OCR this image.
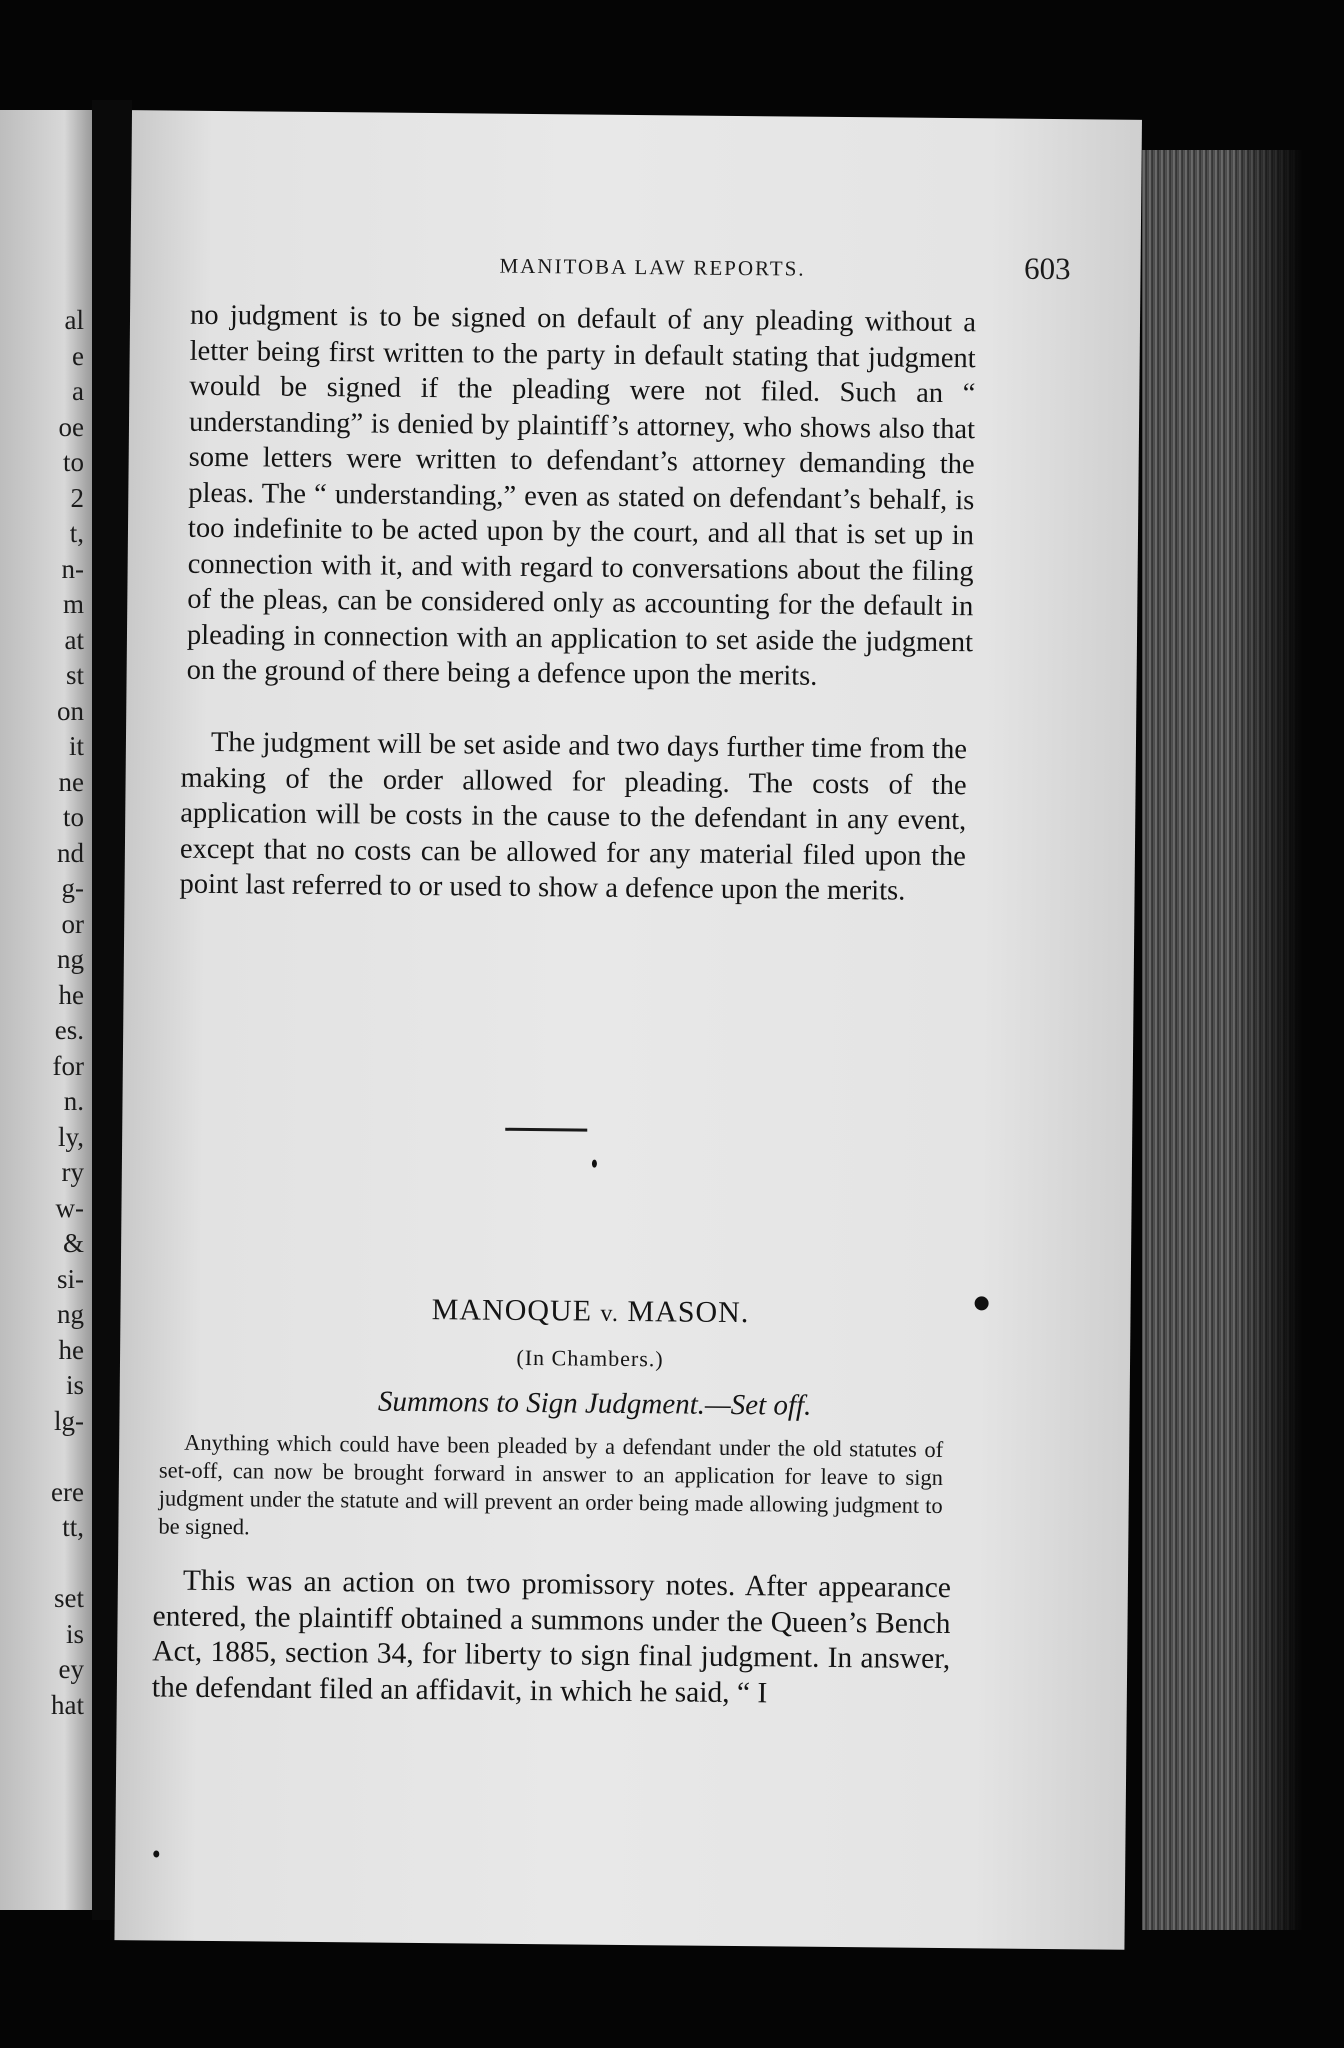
al
e
a
oe
to
2
t,
n-
m
at
st
on
it
ne
to
nd
g-
or
ng
he
es.
for
n.
ly,
ry
w-
&
si-
ng
he
is
lg-
ere
tt,
set
is
ey
hat
MANITOBA LAW REPORTS.	603
no judgment is to be signed on default of any pleading without a letter being first written to the party in default stating that judgment would be signed if the pleading were not filed. Such an “ understanding” is denied by plaintiff’s attorney, who shows also that some letters were written to defendant’s attorney demanding the pleas. The “ understanding,” even as stated on defendant’s behalf, is too indefinite to be acted upon by the court, and all that is set up in connection with it, and with regard to conversations about the filing of the pleas, can be considered only as accounting for the default in pleading in connection with an application to set aside the judgment on the ground of there being a defence upon the merits.
The judgment will be set aside and two days further time from the making of the order allowed for pleading. The costs of the application will be costs in the cause to the defendant in any event, except that no costs can be allowed for any material filed upon the point last referred to or used to show a defence upon the merits.
MANOQUE v. MASON.
(In Chambers.)
Summons to Sign Judgment.—Set off.
Anything which could have been pleaded by a defendant under the old statutes of set-off, can now be brought forward in answer to an application for leave to sign judgment under the statute and will prevent an order being made allowing judgment to be signed.
This was an action on two promissory notes. After appearance entered, the plaintiff obtained a summons under the Queen’s Bench Act, 1885, section 34, for liberty to sign final judgment. In answer, the defendant filed an affidavit, in which he said, “ I
